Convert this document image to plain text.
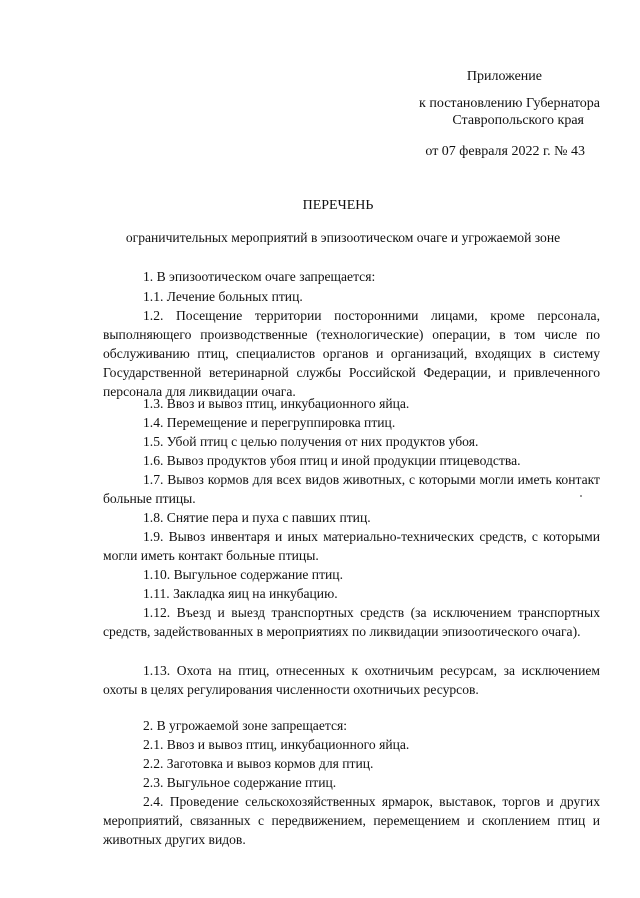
Приложение
к постановлению Губернатора
Ставропольского края
от 07 февраля 2022 г. № 43
ПЕРЕЧЕНЬ
ограничительных мероприятий в эпизоотическом очаге и угрожаемой зоне
1. В эпизоотическом очаге запрещается:
1.1. Лечение больных птиц.
1.2. Посещение территории посторонними лицами, кроме персонала, выполняющего производственные (технологические) операции, в том числе по обслуживанию птиц, специалистов органов и организаций, входящих в систему Государственной ветеринарной службы Российской Федерации, и привлеченного персонала для ликвидации очага.
1.3. Ввоз и вывоз птиц, инкубационного яйца.
1.4. Перемещение и перегруппировка птиц.
1.5. Убой птиц с целью получения от них продуктов убоя.
1.6. Вывоз продуктов убоя птиц и иной продукции птицеводства.
1.7. Вывоз кормов для всех видов животных, с которыми могли иметь контакт больные птицы.
1.8. Снятие пера и пуха с павших птиц.
1.9. Вывоз инвентаря и иных материально-технических средств, с которыми могли иметь контакт больные птицы.
1.10. Выгульное содержание птиц.
1.11. Закладка яиц на инкубацию.
1.12. Въезд и выезд транспортных средств (за исключением транспортных средств, задействованных в мероприятиях по ликвидации эпизоотического очага).
1.13. Охота на птиц, отнесенных к охотничьим ресурсам, за исключением охоты в целях регулирования численности охотничьих ресурсов.
2. В угрожаемой зоне запрещается:
2.1. Ввоз и вывоз птиц, инкубационного яйца.
2.2. Заготовка и вывоз кормов для птиц.
2.3. Выгульное содержание птиц.
2.4. Проведение сельскохозяйственных ярмарок, выставок, торгов и других мероприятий, связанных с передвижением, перемещением и скоплением птиц и животных других видов.
